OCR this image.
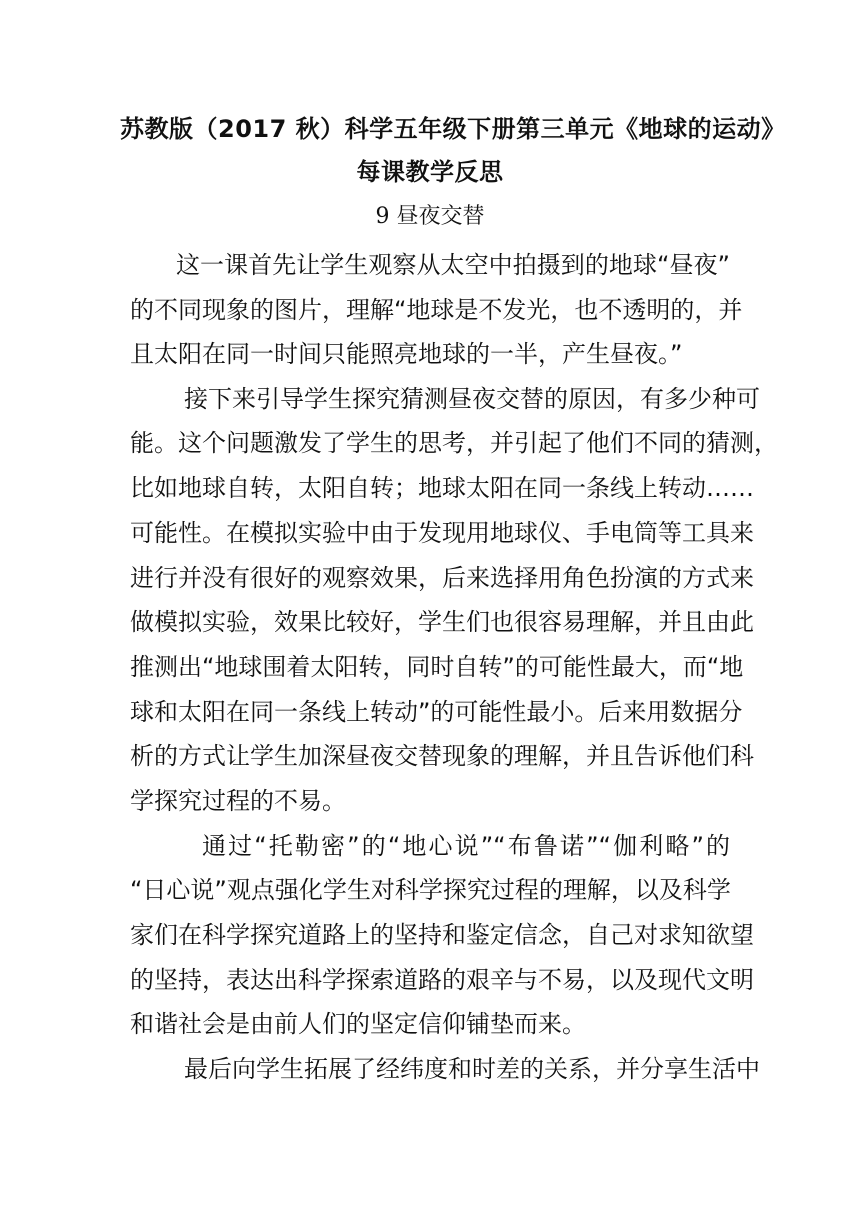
苏教版（2017 秋）科学五年级下册第三单元《地球的运动》
每课教学反思
9 昼夜交替
这一课首先让学生观察从太空中拍摄到的地球“昼夜”
的不同现象的图片，理解“地球是不发光，也不透明的，并
且太阳在同一时间只能照亮地球的一半，产生昼夜。”
接下来引导学生探究猜测昼夜交替的原因，有多少种可
能。这个问题激发了学生的思考，并引起了他们不同的猜测，
比如地球自转，太阳自转；地球太阳在同一条线上转动……
可能性。在模拟实验中由于发现用地球仪、手电筒等工具来
进行并没有很好的观察效果，后来选择用角色扮演的方式来
做模拟实验，效果比较好，学生们也很容易理解，并且由此
推测出“地球围着太阳转，同时自转”的可能性最大，而“地
球和太阳在同一条线上转动”的可能性最小。后来用数据分
析的方式让学生加深昼夜交替现象的理解，并且告诉他们科
学探究过程的不易。
通过“托勒密”的“地心说”“布鲁诺”“伽利略”的
“日心说”观点强化学生对科学探究过程的理解，以及科学
家们在科学探究道路上的坚持和鉴定信念，自己对求知欲望
的坚持，表达出科学探索道路的艰辛与不易，以及现代文明
和谐社会是由前人们的坚定信仰铺垫而来。
最后向学生拓展了经纬度和时差的关系，并分享生活中
